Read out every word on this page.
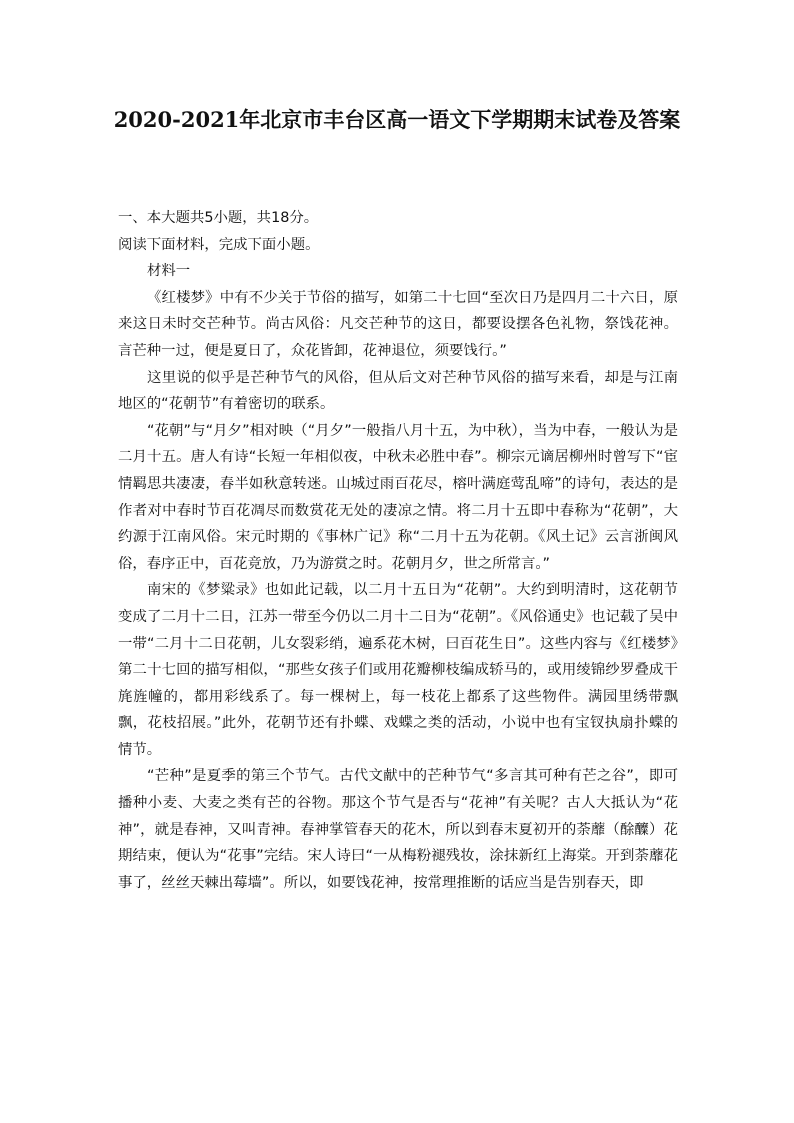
2020-2021年北京市丰台区高一语文下学期期末试卷及答案

一、本大题共5小题，共18分。

阅读下面材料，完成下面小题。

材料一

《红楼梦》中有不少关于节俗的描写，如第二十七回“至次日乃是四月二十六日，原来这日未时交芒种节。尚古风俗：凡交芒种节的这日，都要设摆各色礼物，祭饯花神。言芒种一过，便是夏日了，众花皆卸，花神退位，须要饯行。”

这里说的似乎是芒种节气的风俗，但从后文对芒种节风俗的描写来看，却是与江南地区的“花朝节”有着密切的联系。

“花朝”与“月夕”相对映（“月夕”一般指八月十五，为中秋），当为中春，一般认为是二月十五。唐人有诗“长短一年相似夜，中秋未必胜中春”。柳宗元谪居柳州时曾写下“宦情羁思共凄凄，春半如秋意转迷。山城过雨百花尽，榕叶满庭莺乱啼”的诗句，表达的是作者对中春时节百花凋尽而数赏花无处的凄凉之情。将二月十五即中春称为“花朝”，大约源于江南风俗。宋元时期的《事林广记》称“二月十五为花朝。《风土记》云言浙闽风俗，春序正中，百花竞放，乃为游赏之时。花朝月夕，世之所常言。”

南宋的《梦粱录》也如此记载，以二月十五日为“花朝”。大约到明清时，这花朝节变成了二月十二日，江苏一带至今仍以二月十二日为“花朝”。《风俗通史》也记载了吴中一带“二月十二日花朝，儿女裂彩绡，遍系花木树，曰百花生日”。这些内容与《红楼梦》第二十七回的描写相似，“那些女孩子们或用花瓣柳枝编成轿马的，或用绫锦纱罗叠成干旄旌幢的，都用彩线系了。每一棵树上，每一枝花上都系了这些物件。满园里绣带飘飘，花枝招展。”此外，花朝节还有扑蝶、戏蝶之类的活动，小说中也有宝钗执扇扑蝶的情节。

“芒种”是夏季的第三个节气。古代文献中的芒种节气“多言其可种有芒之谷”，即可播种小麦、大麦之类有芒的谷物。那这个节气是否与“花神”有关呢？古人大抵认为“花神”，就是春神，又叫青神。春神掌管春天的花木，所以到春末夏初开的荼蘼（酴醾）花期结束，便认为“花事”完结。宋人诗曰“一从梅粉褪残妆，涂抹新红上海棠。开到荼蘼花事了，丝丝天棘出莓墙”。所以，如要饯花神，按常理推断的话应当是告别春天，即
